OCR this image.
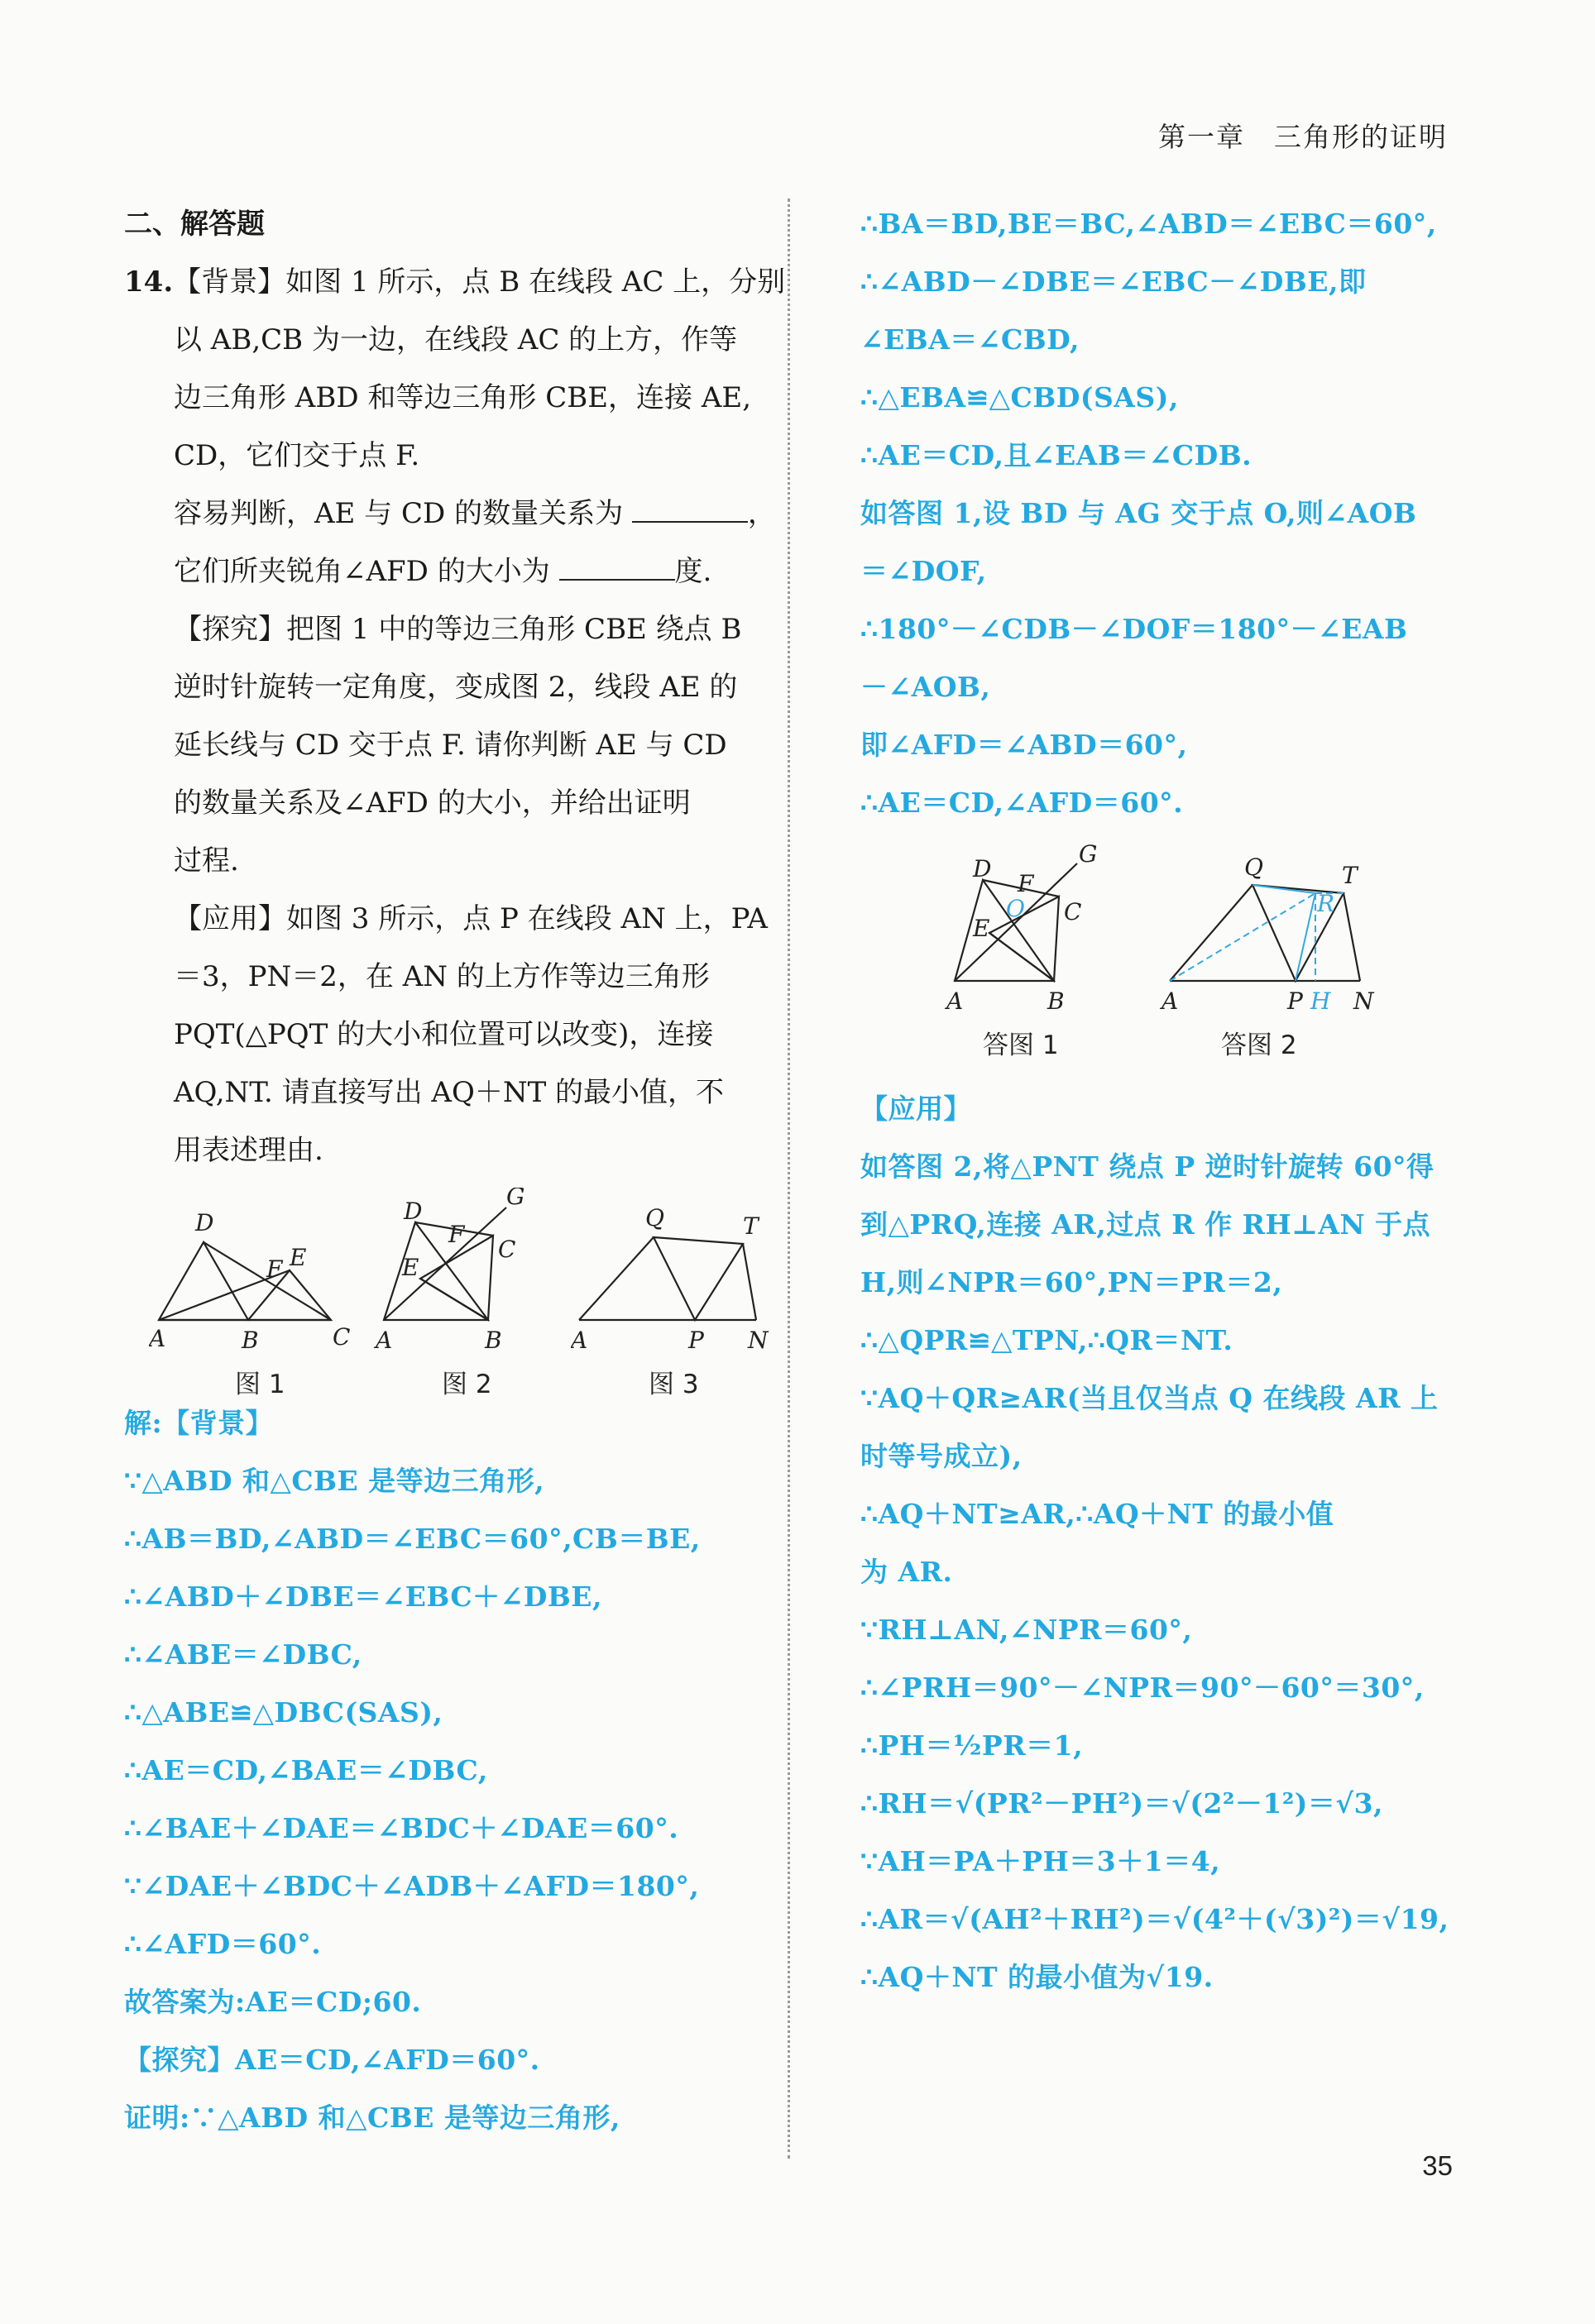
第一章　三角形的证明
二、解答题
14.【背景】如图 1 所示，点 B 在线段 AC 上，分别
以 AB,CB 为一边，在线段 AC 的上方，作等
边三角形 ABD 和等边三角形 CBE，连接 AE,
CD，它们交于点 F.
容易判断，AE 与 CD 的数量关系为	，
它们所夹锐角∠AFD 的大小为	度.
【探究】把图 1 中的等边三角形 CBE 绕点 B
逆时针旋转一定角度，变成图 2，线段 AE 的
延长线与 CD 交于点 F. 请你判断 AE 与 CD
的数量关系及∠AFD 的大小，并给出证明
过程.
【应用】如图 3 所示，点 P 在线段 AN 上，PA
＝3，PN＝2，在 AN 的上方作等边三角形
PQT(△PQT 的大小和位置可以改变)，连接
AQ,NT. 请直接写出 AQ＋NT 的最小值，不
用表述理由.
D
F E
A	B	C
图 1
D
G
F
C
E
A	B
图 2
Q	T
A	P N
图 3
解:【背景】
∵△ABD 和△CBE 是等边三角形,
∴AB＝BD,∠ABD＝∠EBC＝60°,CB＝BE,
∴∠ABD＋∠DBE＝∠EBC＋∠DBE,
∴∠ABE＝∠DBC,
∴△ABE≌△DBC(SAS),
∴AE＝CD,∠BAE＝∠DBC,
∴∠BAE＋∠DAE＝∠BDC＋∠DAE＝60°.
∵∠DAE＋∠BDC＋∠ADB＋∠AFD＝180°,
∴∠AFD＝60°.
故答案为:AE＝CD;60.
【探究】AE＝CD,∠AFD＝60°.
证明:∵△ABD 和△CBE 是等边三角形,
∴BA＝BD,BE＝BC,∠ABD＝∠EBC＝60°,
∴∠ABD－∠DBE＝∠EBC－∠DBE,即
∠EBA＝∠CBD,
∴△EBA≌△CBD(SAS),
∴AE＝CD,且∠EAB＝∠CDB.
如答图 1,设 BD 与 AG 交于点 O,则∠AOB
＝∠DOF,
∴180°－∠CDB－∠DOF＝180°－∠EAB
－∠AOB,
即∠AFD＝∠ABD＝60°,
∴AE＝CD,∠AFD＝60°.
D
G
F
O C
E
A	B
答图 1
Q	T
R
A	P H N
答图 2
【应用】
如答图 2,将△PNT 绕点 P 逆时针旋转 60°得
到△PRQ,连接 AR,过点 R 作 RH⊥AN 于点
H,则∠NPR＝60°,PN＝PR＝2,
∴△QPR≌△TPN,∴QR＝NT.
∵AQ＋QR≥AR(当且仅当点 Q 在线段 AR 上
时等号成立),
∴AQ＋NT≥AR,∴AQ＋NT 的最小值
为 AR.
∵RH⊥AN,∠NPR＝60°,
∴∠PRH＝90°－∠NPR＝90°－60°＝30°,
∴PH＝½PR＝1,
∴RH＝√(PR²－PH²)＝√(2²－1²)＝√3,
∵AH＝PA＋PH＝3＋1＝4,
∴AR＝√(AH²＋RH²)＝√(4²＋(√3)²)＝√19,
∴AQ＋NT 的最小值为√19.
35
